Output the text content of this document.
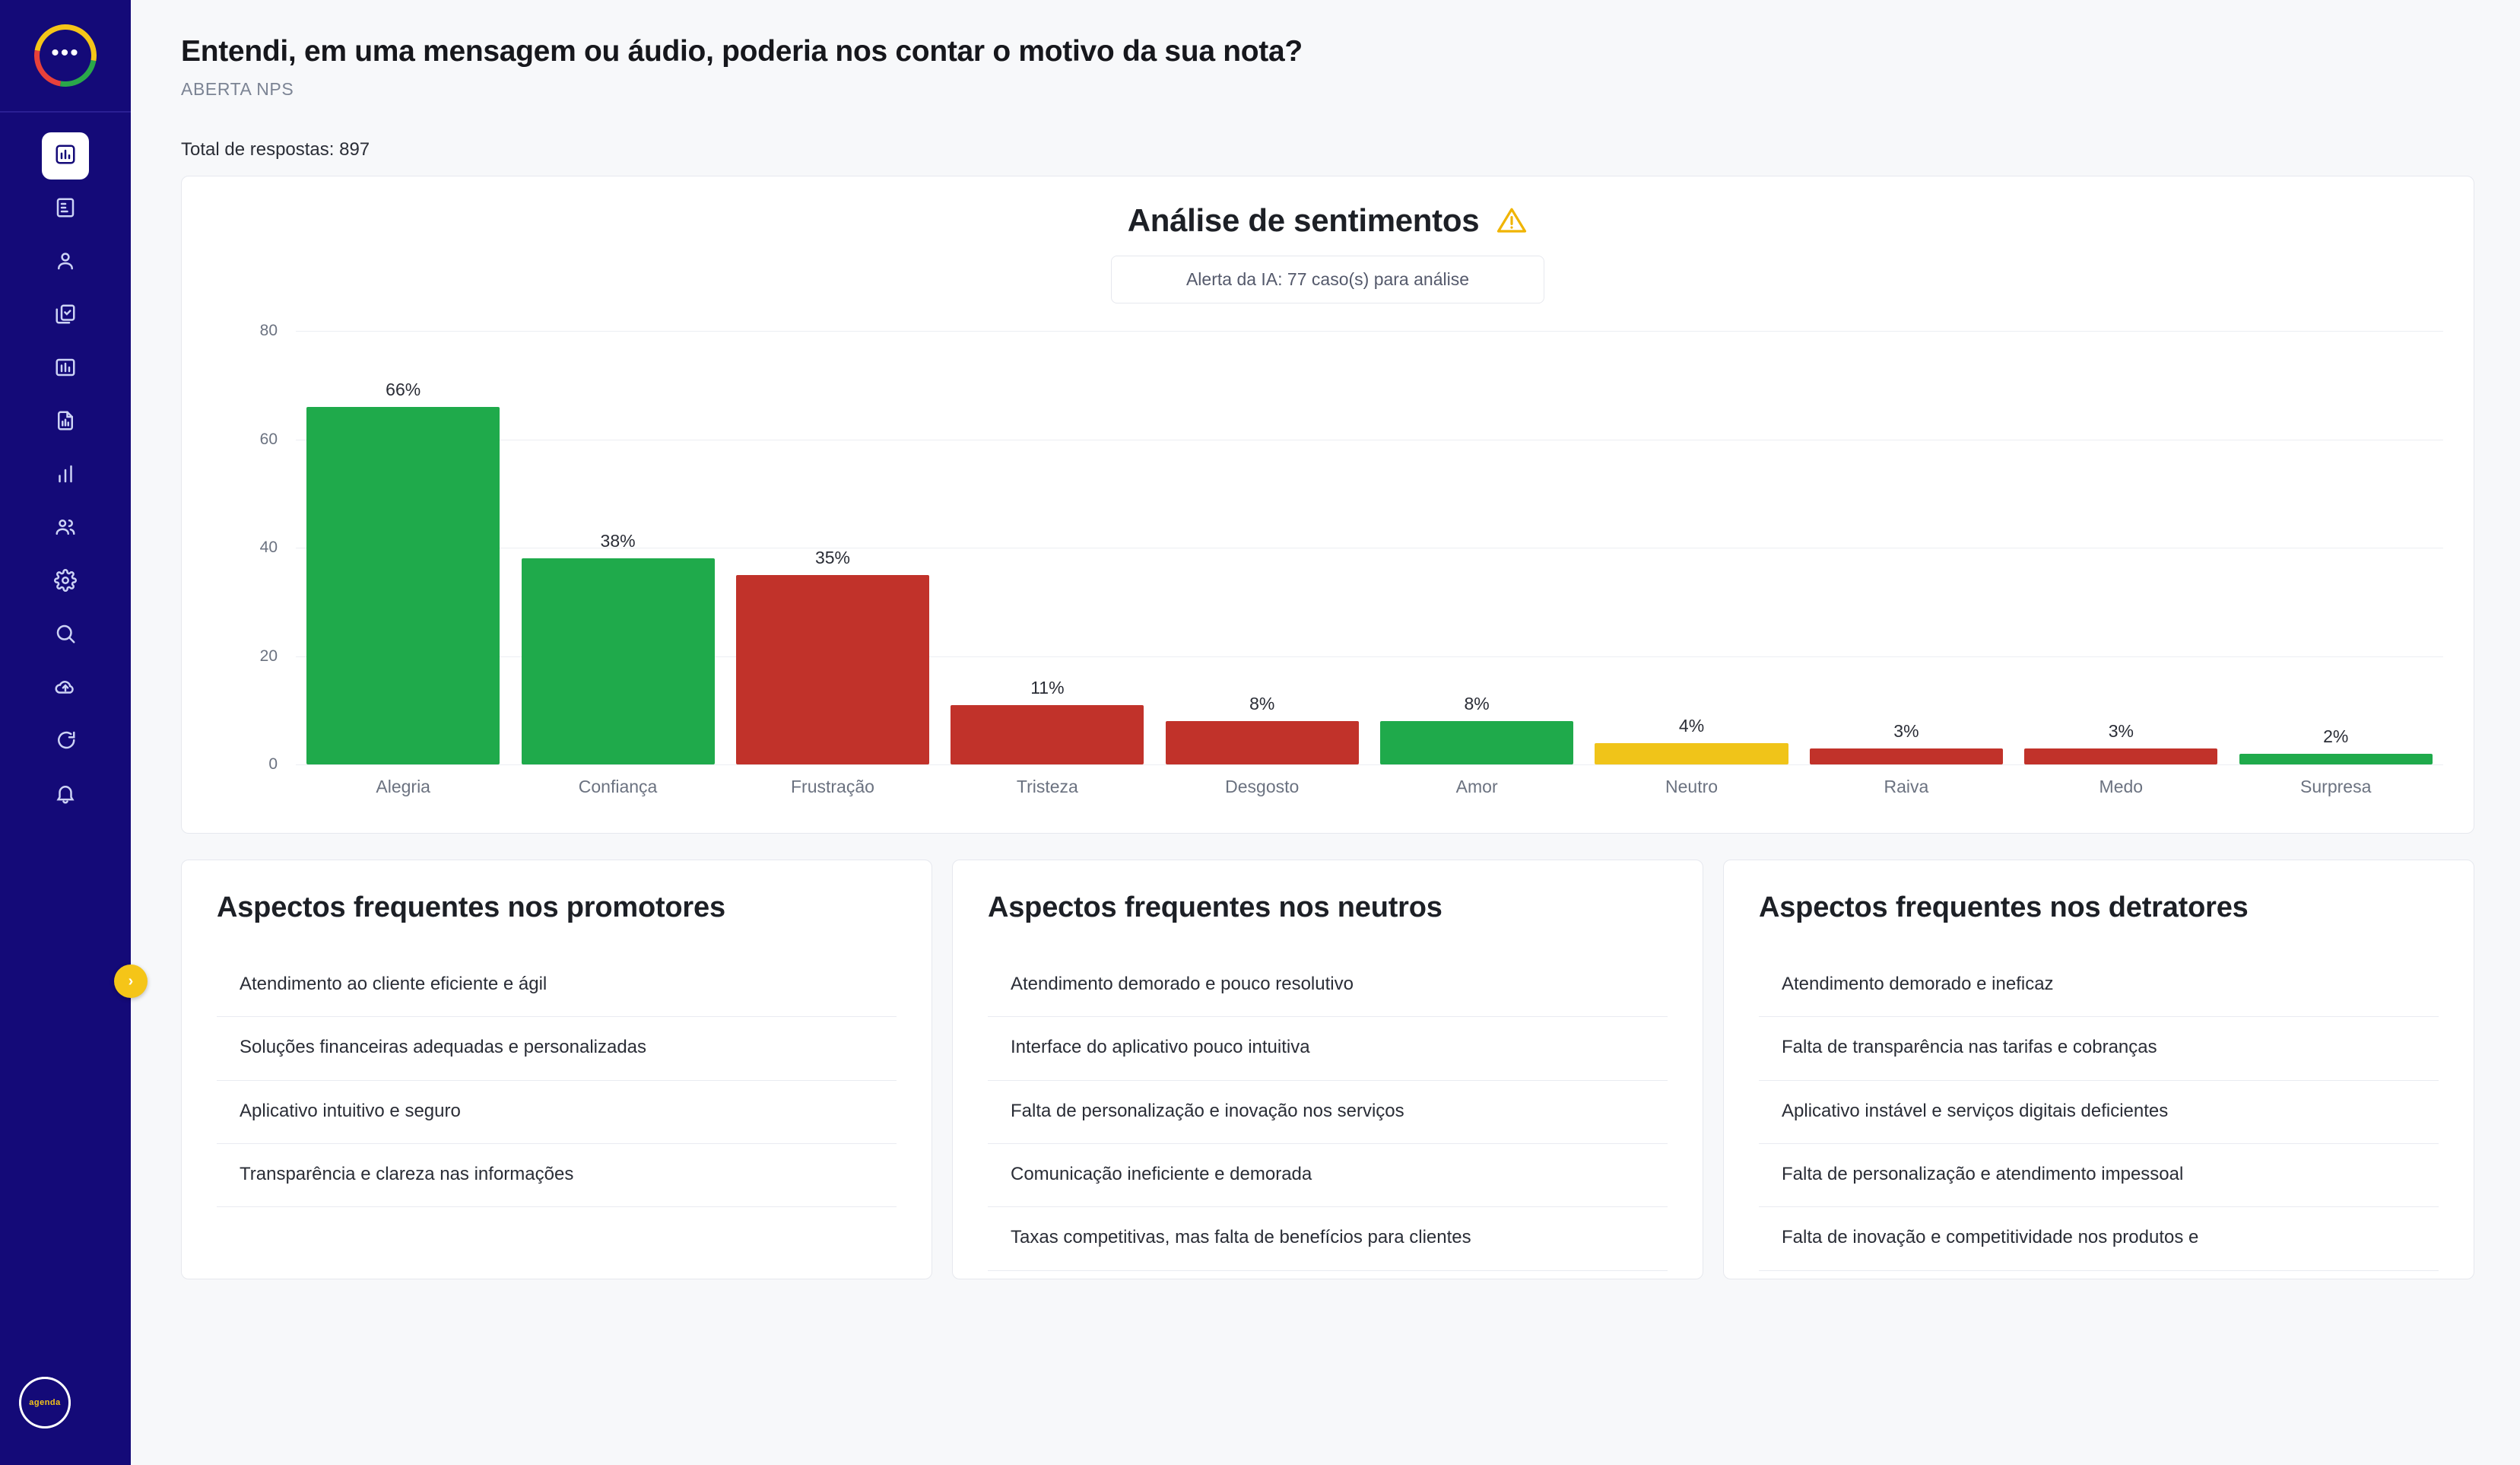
•••
›
agenda
Entendi, em uma mensagem ou áudio, poderia nos contar o motivo da sua nota?
ABERTA NPS
Total de respostas: 897
Análise de sentimentos
Alerta da IA: 77 caso(s) para análise
0
20
40
60
80
66%
38%
35%
11%
8%	8%
4%	3%	3%	2%
Alegria	Confiança	Frustração	Tristeza	Desgosto	Amor	Neutro	Raiva	Medo	Surpresa
Aspectos frequentes nos promotores
Atendimento ao cliente eficiente e ágil
Soluções financeiras adequadas e personalizadas
Aplicativo intuitivo e seguro
Transparência e clareza nas informações
Aspectos frequentes nos neutros
Atendimento demorado e pouco resolutivo
Interface do aplicativo pouco intuitiva
Falta de personalização e inovação nos serviços
Comunicação ineficiente e demorada
Taxas competitivas, mas falta de benefícios para clientes
Aspectos frequentes nos detratores
Atendimento demorado e ineficaz
Falta de transparência nas tarifas e cobranças
Aplicativo instável e serviços digitais deficientes
Falta de personalização e atendimento impessoal
Falta de inovação e competitividade nos produtos e
